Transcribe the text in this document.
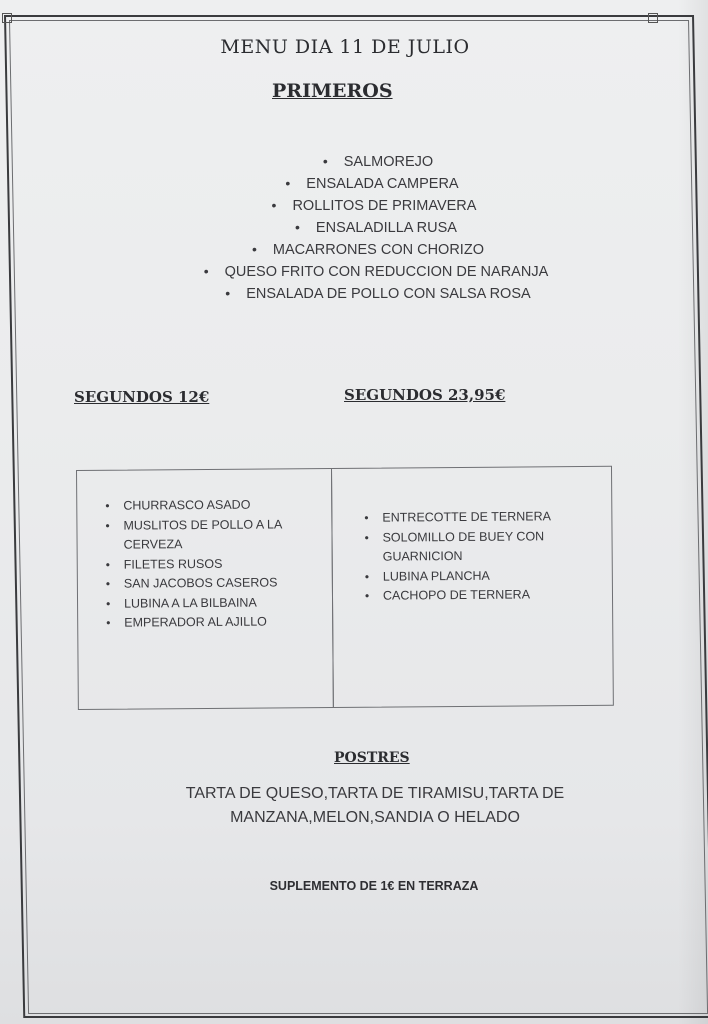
MENU DIA 11 DE JULIO
PRIMEROS
• SALMOREJO
• ENSALADA CAMPERA
• ROLLITOS DE PRIMAVERA
• ENSALADILLA RUSA
• MACARRONES CON CHORIZO
• QUESO FRITO CON REDUCCION DE NARANJA
• ENSALADA DE POLLO CON SALSA ROSA
SEGUNDOS 12€	SEGUNDOS 23,95€
• CHURRASCO ASADO
• MUSLITOS DE POLLO A LA CERVEZA
• FILETES RUSOS
• SAN JACOBOS CASEROS
• LUBINA A LA BILBAINA
• EMPERADOR AL AJILLO
• ENTRECOTTE DE TERNERA
• SOLOMILLO DE BUEY CON GUARNICION
• LUBINA PLANCHA
• CACHOPO DE TERNERA
POSTRES

TARTA DE QUESO,TARTA DE TIRAMISU,TARTA DE
MANZANA,MELON,SANDIA O HELADO

SUPLEMENTO DE 1€ EN TERRAZA
